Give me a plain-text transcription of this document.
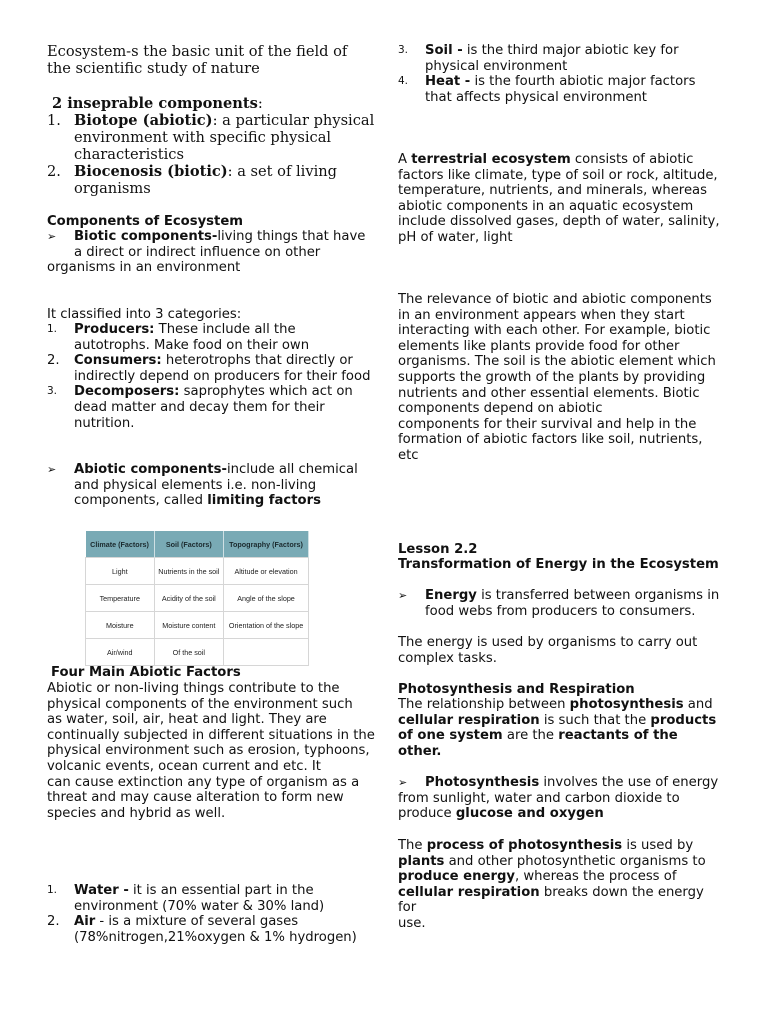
Ecosystem-s the basic unit of the field of the scientific study of nature

2 inseprable components:

1. Biotope (abiotic): a particular physical environment with specific physical characteristics
2. Biocenosis (biotic): a set of living organisms

Components of Ecosystem

➢ Biotic components-living things that have a direct or indirect influence on other

organisms in an environment

It classified into 3 categories:

1. Producers: These include all the autotrophs. Make food on their own
2. Consumers: heterotrophs that directly or indirectly depend on producers for their food
3. Decomposers: saprophytes which act on dead matter and decay them for their nutrition.
➢ Abiotic components-include all chemical and physical elements i.e. non-living components, called limiting factors
Climate (Factors)	Soil (Factors)	Topography (Factors)
Light	Nutrients in the soil	Altitude or elevation
Temperature	Acidity of the soil	Angle of the slope
Moisture	Moisture content	Orientation of the slope
Air/wind	Of the soil	

Four Main Abiotic Factors

Abiotic or non-living things contribute to the physical components of the environment such

as water, soil, air, heat and light. They are continually subjected in different situations in the

physical environment such as erosion, typhoons, volcanic events, ocean current and etc. It

can cause extinction any type of organism as a threat and may cause alteration to form new

species and hybrid as well.

1. Water - it is an essential part in the environment (70% water & 30% land)
2. Air - is a mixture of several gases (78%nitrogen,21%oxygen & 1% hydrogen)
3. Soil - is the third major abiotic key for physical environment
4. Heat - is the fourth abiotic major factors that affects physical environment

A terrestrial ecosystem consists of abiotic factors like climate, type of soil or rock, altitude,

temperature, nutrients, and minerals, whereas abiotic components in an aquatic ecosystem

include dissolved gases, depth of water, salinity, pH of water, light

The relevance of biotic and abiotic components in an environment appears when they start

interacting with each other. For example, biotic elements like plants provide food for other

organisms. The soil is the abiotic element which supports the growth of the plants by providing nutrients and other essential elements. Biotic components depend on abiotic

components for their survival and help in the formation of abiotic factors like soil, nutrients,

etc

Lesson 2.2

Transformation of Energy in the Ecosystem

➢ Energy is transferred between organisms in food webs from producers to consumers.

The energy is used by organisms to carry out complex tasks.

Photosynthesis and Respiration

The relationship between photosynthesis and cellular respiration is such that the products of one system are the reactants of the other.

➢ Photosynthesis involves the use of energy from sunlight, water and carbon dioxide to produce glucose and oxygen

The process of photosynthesis is used by plants and other photosynthetic organisms to

produce energy, whereas the process of cellular respiration breaks down the energy for

use.
